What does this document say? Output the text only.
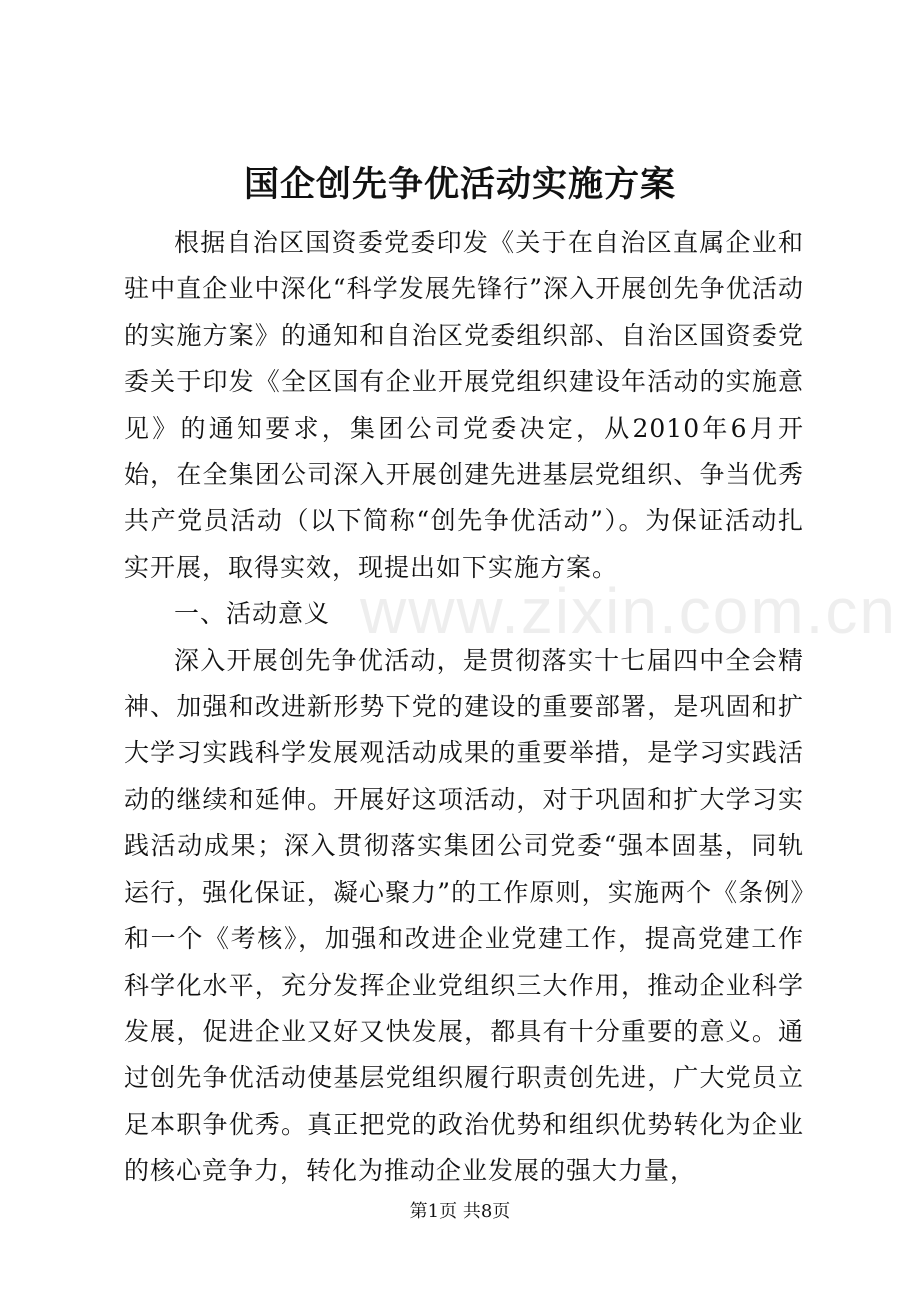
国企创先争优活动实施方案

根据自治区国资委党委印发《关于在自治区直属企业和驻中直企业中深化“科学发展先锋行”深入开展创先争优活动的实施方案》的通知和自治区党委组织部、自治区国资委党委关于印发《全区国有企业开展党组织建设年活动的实施意见》的通知要求，集团公司党委决定，从2010年6月开始，在全集团公司深入开展创建先进基层党组织、争当优秀共产党员活动（以下简称“创先争优活动”）。为保证活动扎实开展，取得实效，现提出如下实施方案。

一、活动意义

深入开展创先争优活动，是贯彻落实十七届四中全会精神、加强和改进新形势下党的建设的重要部署，是巩固和扩大学习实践科学发展观活动成果的重要举措，是学习实践活动的继续和延伸。开展好这项活动，对于巩固和扩大学习实践活动成果；深入贯彻落实集团公司党委“强本固基，同轨运行，强化保证，凝心聚力”的工作原则，实施两个《条例》和一个《考核》，加强和改进企业党建工作，提高党建工作科学化水平，充分发挥企业党组织三大作用，推动企业科学发展，促进企业又好又快发展，都具有十分重要的意义。通过创先争优活动使基层党组织履行职责创先进，广大党员立足本职争优秀。真正把党的政治优势和组织优势转化为企业的核心竞争力，转化为推动企业发展的强大力量，

www.zixin.com.cn
第1页 共8页
